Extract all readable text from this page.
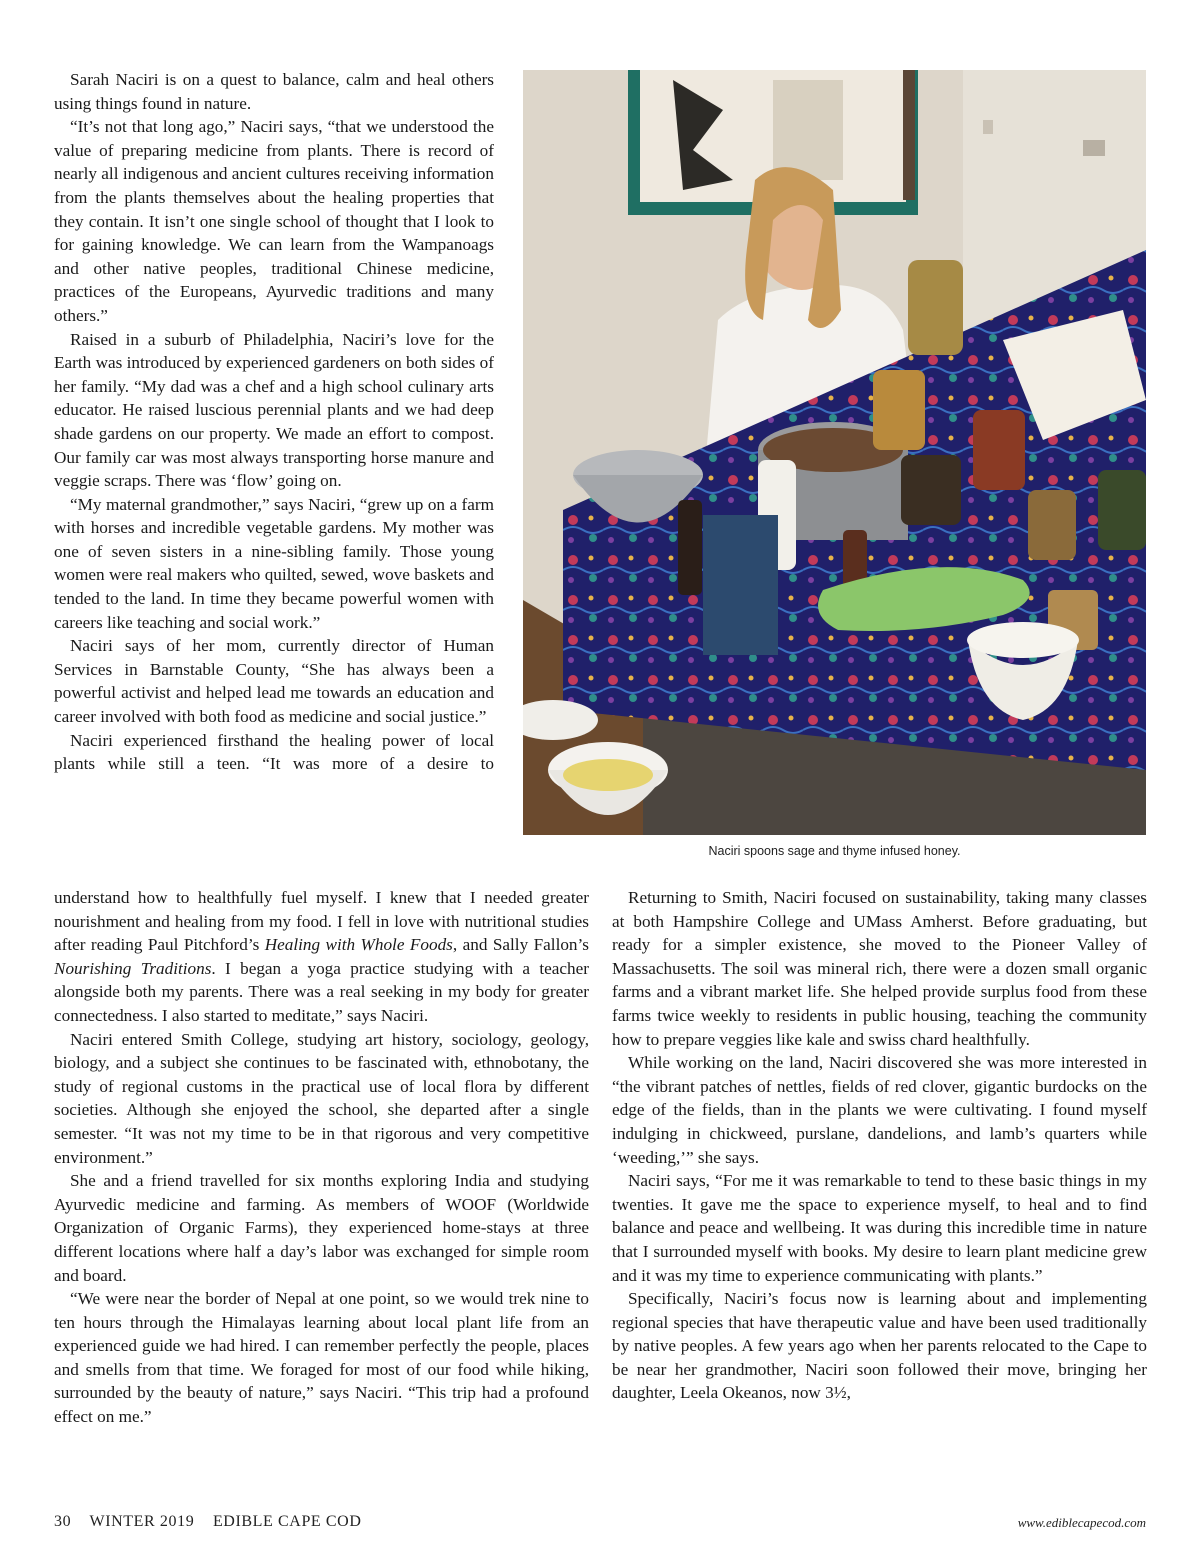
Sarah Naciri is on a quest to balance, calm and heal others using things found in nature.

“It’s not that long ago,” Naciri says, “that we understood the value of preparing medicine from plants. There is record of nearly all indigenous and ancient cultures receiving information from the plants themselves about the healing properties that they contain. It isn’t one single school of thought that I look to for gaining knowledge. We can learn from the Wampanoags and other native peoples, traditional Chinese medicine, practices of the Europeans, Ayurvedic traditions and many others.”

Raised in a suburb of Philadelphia, Naciri’s love for the Earth was introduced by experienced gardeners on both sides of her family. “My dad was a chef and a high school culinary arts educator. He raised luscious perennial plants and we had deep shade gardens on our property. We made an effort to compost. Our family car was most always transporting horse manure and veggie scraps. There was ‘flow’ going on.

“My maternal grandmother,” says Naciri, “grew up on a farm with horses and incredible vegetable gardens. My mother was one of seven sisters in a nine-sibling family. Those young women were real makers who quilted, sewed, wove baskets and tended to the land. In time they became powerful women with careers like teaching and social work.”

Naciri says of her mom, currently director of Human Services in Barnstable County, “She has always been a powerful activist and helped lead me towards an education and career involved with both food as medicine and social justice.”

Naciri experienced firsthand the healing power of local plants while still a teen. “It was more of a desire to

Naciri spoons sage and thyme infused honey.

understand how to healthfully fuel myself. I knew that I needed greater nourishment and healing from my food. I fell in love with nutritional studies after reading Paul Pitchford’s Healing with Whole Foods, and Sally Fallon’s Nourishing Traditions. I began a yoga practice studying with a teacher alongside both my parents. There was a real seeking in my body for greater connectedness. I also started to meditate,” says Naciri.

Naciri entered Smith College, studying art history, sociology, geology, biology, and a subject she continues to be fascinated with, ethnobotany, the study of regional customs in the practical use of local flora by different societies. Although she enjoyed the school, she departed after a single semester. “It was not my time to be in that rigorous and very competitive environment.”

She and a friend travelled for six months exploring India and studying Ayurvedic medicine and farming. As members of WOOF (Worldwide Organization of Organic Farms), they experienced home-stays at three different locations where half a day’s labor was exchanged for simple room and board.

“We were near the border of Nepal at one point, so we would trek nine to ten hours through the Himalayas learning about local plant life from an experienced guide we had hired. I can remember perfectly the people, places and smells from that time. We foraged for most of our food while hiking, surrounded by the beauty of nature,” says Naciri. “This trip had a profound effect on me.”

Returning to Smith, Naciri focused on sustainability, taking many classes at both Hampshire College and UMass Amherst. Before graduating, but ready for a simpler existence, she moved to the Pioneer Valley of Massachusetts. The soil was mineral rich, there were a dozen small organic farms and a vibrant market life. She helped provide surplus food from these farms twice weekly to residents in public housing, teaching the community how to prepare veggies like kale and swiss chard healthfully.

While working on the land, Naciri discovered she was more interested in “the vibrant patches of nettles, fields of red clover, gigantic burdocks on the edge of the fields, than in the plants we were cultivating. I found myself indulging in chickweed, purslane, dandelions, and lamb’s quarters while ‘weeding,’” she says.

Naciri says, “For me it was remarkable to tend to these basic things in my twenties. It gave me the space to experience myself, to heal and to find balance and peace and wellbeing. It was during this incredible time in nature that I surrounded myself with books. My desire to learn plant medicine grew and it was my time to experience communicating with plants.”

Specifically, Naciri’s focus now is learning about and implementing regional species that have therapeutic value and have been used traditionally by native peoples. A few years ago when her parents relocated to the Cape to be near her grandmother, Naciri soon followed their move, bringing her daughter, Leela Okeanos, now 3½,

30 WINTER 2019 EDIBLE CAPE COD	www.ediblecapecod.com
